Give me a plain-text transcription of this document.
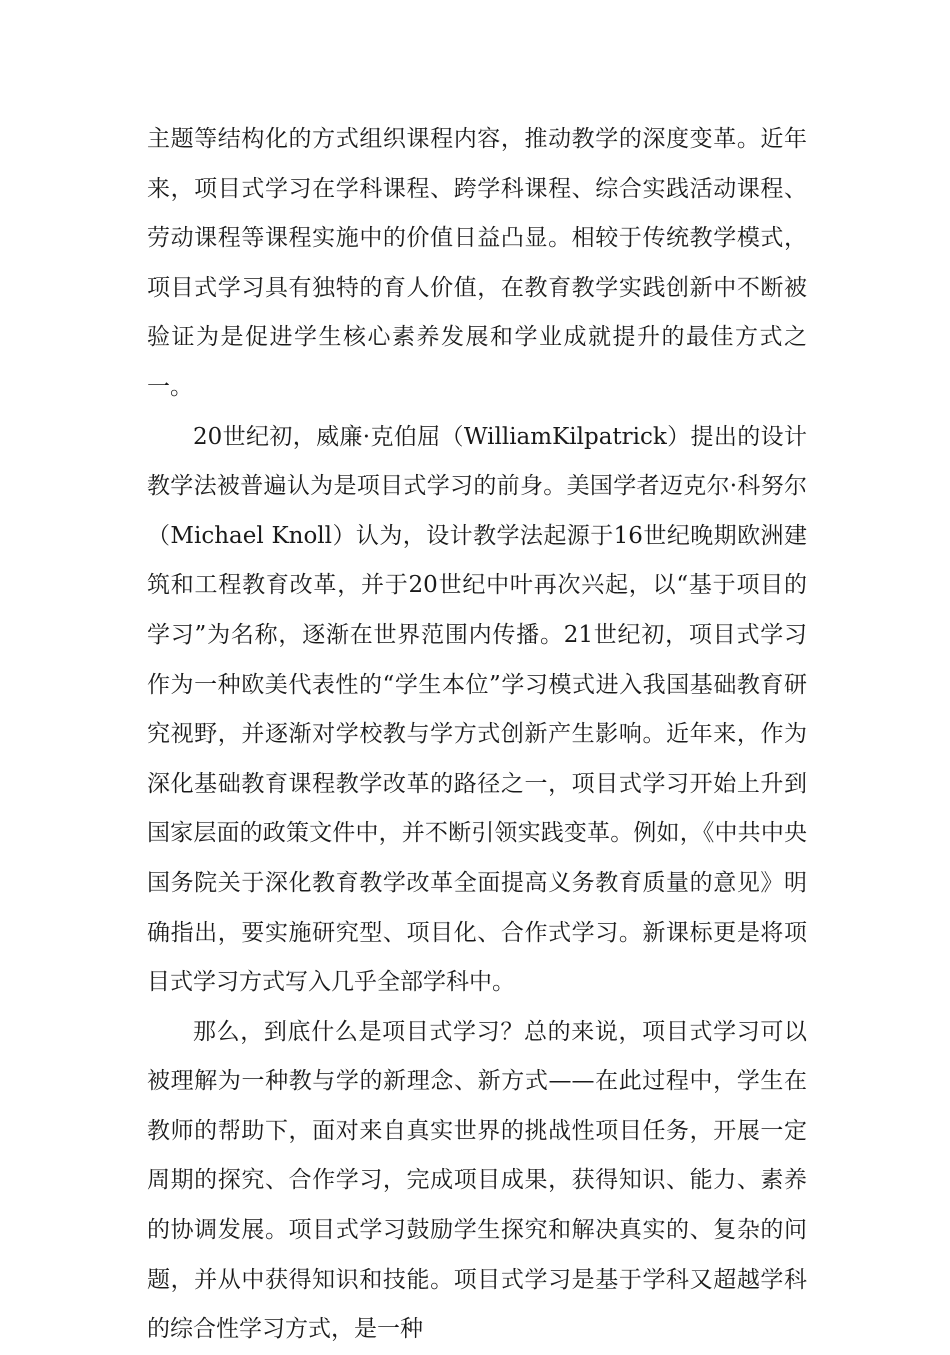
主题等结构化的方式组织课程内容，推动教学的深度变革。近年来，项目式学习在学科课程、跨学科课程、综合实践活动课程、劳动课程等课程实施中的价值日益凸显。相较于传统教学模式，项目式学习具有独特的育人价值，在教育教学实践创新中不断被验证为是促进学生核心素养发展和学业成就提升的最佳方式之一。

20世纪初，威廉·克伯屈（WilliamKilpatrick）提出的设计教学法被普遍认为是项目式学习的前身。美国学者迈克尔·科努尔（Michael Knoll）认为，设计教学法起源于16世纪晚期欧洲建筑和工程教育改革，并于20世纪中叶再次兴起，以“基于项目的学习”为名称，逐渐在世界范围内传播。21世纪初，项目式学习作为一种欧美代表性的“学生本位”学习模式进入我国基础教育研究视野，并逐渐对学校教与学方式创新产生影响。近年来，作为深化基础教育课程教学改革的路径之一，项目式学习开始上升到国家层面的政策文件中，并不断引领实践变革。例如，《中共中央 国务院关于深化教育教学改革全面提高义务教育质量的意见》明确指出，要实施研究型、项目化、合作式学习。新课标更是将项目式学习方式写入几乎全部学科中。

那么，到底什么是项目式学习？总的来说，项目式学习可以被理解为一种教与学的新理念、新方式——在此过程中，学生在教师的帮助下，面对来自真实世界的挑战性项目任务，开展一定周期的探究、合作学习，完成项目成果，获得知识、能力、素养的协调发展。项目式学习鼓励学生探究和解决真实的、复杂的问题，并从中获得知识和技能。项目式学习是基于学科又超越学科的综合性学习方式，是一种
